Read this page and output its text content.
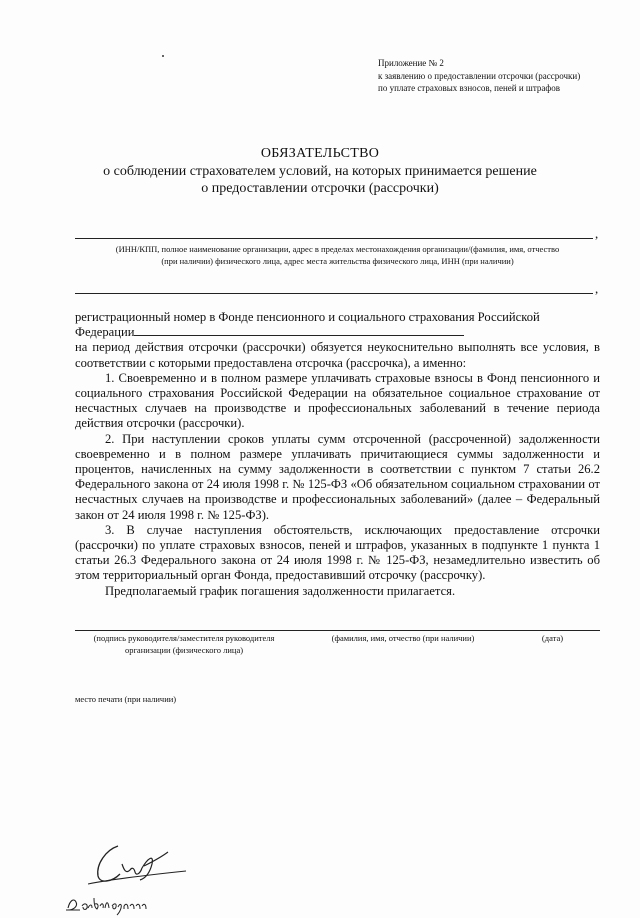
Приложение № 2
к заявлению о предоставлении отсрочки (рассрочки)
по уплате страховых взносов, пеней и штрафов
ОБЯЗАТЕЛЬСТВО
о соблюдении страхователем условий, на которых принимается решение
о предоставлении отсрочки (рассрочки)
,
(ИНН/КПП, полное наименование организации, адрес в пределах местонахождения организации/(фамилия, имя, отчество
(при наличии) физического лица, адрес места жительства физического лица, ИНН (при наличии)
,

регистрационный номер в Фонде пенсионного и социального страхования Российской

Федерации

на период действия отсрочки (рассрочки) обязуется неукоснительно выполнять все условия, в соответствии с которыми предоставлена отсрочка (рассрочка), а именно:

1. Своевременно и в полном размере уплачивать страховые взносы в Фонд пенсионного и социального страхования Российской Федерации на обязательное социальное страхование от несчастных случаев на производстве и профессиональных заболеваний в течение периода действия отсрочки (рассрочки).

2. При наступлении сроков уплаты сумм отсроченной (рассроченной) задолженности своевременно и в полном размере уплачивать причитающиеся суммы задолженности и процентов, начисленных на сумму задолженности в соответствии с пунктом 7 статьи 26.2 Федерального закона от 24 июля 1998 г. № 125-ФЗ «Об обязательном социальном страховании от несчастных случаев на производстве и профессиональных заболеваний» (далее – Федеральный закон от 24 июля 1998 г. № 125-ФЗ).

3. В случае наступления обстоятельств, исключающих предоставление отсрочки (рассрочки) по уплате страховых взносов, пеней и штрафов, указанных в подпункте 1 пункта 1 статьи 26.3 Федерального закона от 24 июля 1998 г. № 125-ФЗ, незамедлительно известить об этом территориальный орган Фонда, предоставивший отсрочку (рассрочку).

Предполагаемый график погашения задолженности прилагается.

(подпись руководителя/заместителя руководителя
организации (физического лица)
(фамилия, имя, отчество (при наличии)	(дата)
место печати (при наличии)
